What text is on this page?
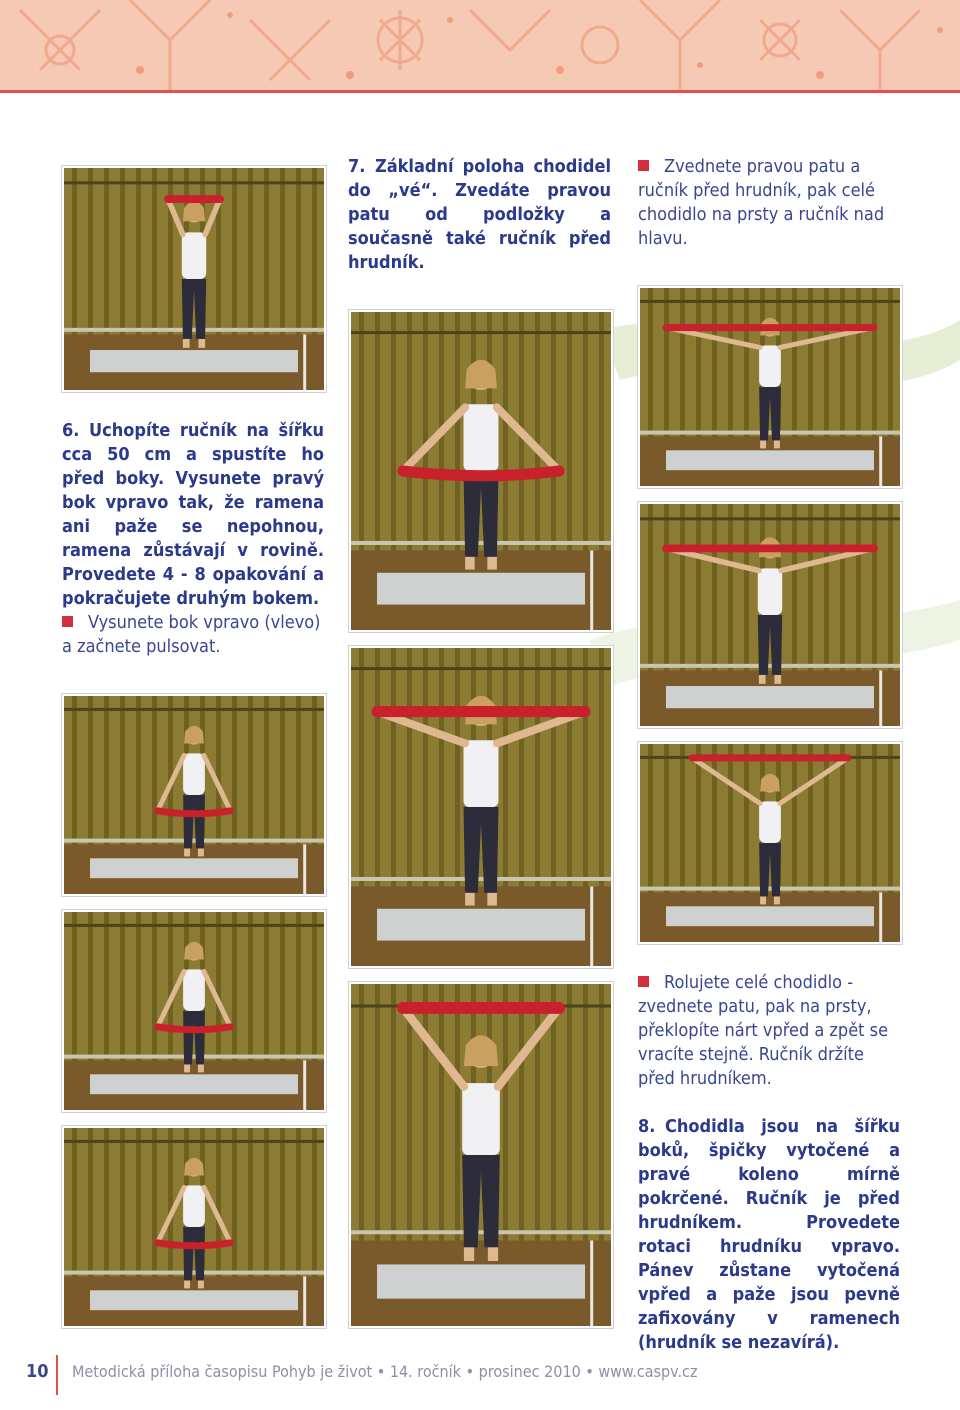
7. Základní poloha chodidel do „vé“. Zvedáte pravou patu od podložky a současně také ručník před hrudník.
Zvednete pravou patu a ručník před hrudník, pak celé chodidlo na prsty a ručník nad hlavu.
6. Uchopíte ručník na šířku cca 50 cm a spustíte ho před boky. Vysunete pravý bok vpravo tak, že ramena ani paže se nepohnou, ramena zůstávají v rovině. Provedete 4 - 8 opakování a pokračujete druhým bokem.
Vysunete bok vpravo (vlevo) a začnete pulsovat.
Rolujete celé chodidlo - zvednete patu, pak na prsty, překlopíte nárt vpřed a zpět se vracíte stejně. Ručník držíte před hrudníkem.
8. Chodidla jsou na šířku boků, špičky vytočené a pravé koleno mírně pokrčené. Ručník je před hrudníkem. Provedete rotaci hrudníku vpravo. Pánev zůstane vytočená vpřed a paže jsou pevně zafixovány v ramenech (hrudník se nezavírá).
10 Metodická příloha časopisu Pohyb je život • 14. ročník • prosinec 2010 • www.caspv.cz
